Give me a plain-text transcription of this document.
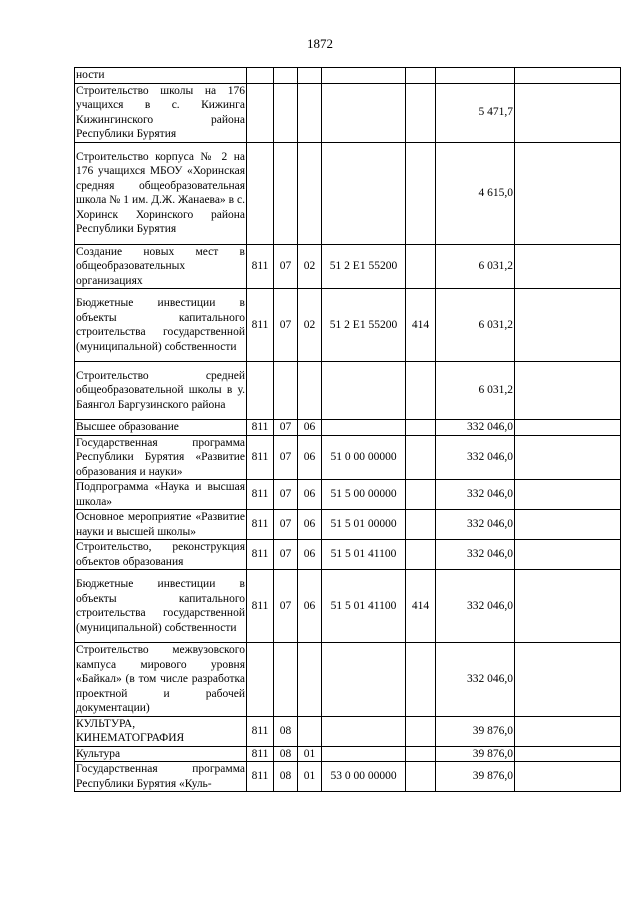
1872
ности							
Строительство школы на 176 учащихся в с. Кижинга Кижингинского района Республики Бурятия						5 471,7	
Строительство корпуса № 2 на 176 учащихся МБОУ «Хоринская средняя общеобразовательная школа № 1 им. Д.Ж. Жанаева» в с. Хоринск Хоринского района Республики Бурятия						4 615,0	
Создание новых мест в общеобразовательных организациях	811	07	02	51 2 E1 55200		6 031,2	
Бюджетные инвестиции в объекты капитального строительства государственной (муниципальной) собственности	811	07	02	51 2 E1 55200	414	6 031,2	
Строительство средней общеобразовательной школы в у. Баянгол Баргузинского района						6 031,2	
Высшее образование	811	07	06			332 046,0	
Государственная программа Республики Бурятия «Развитие образования и науки»	811	07	06	51 0 00 00000		332 046,0	
Подпрограмма «Наука и высшая школа»	811	07	06	51 5 00 00000		332 046,0	
Основное мероприятие «Развитие науки и высшей школы»	811	07	06	51 5 01 00000		332 046,0	
Строительство, реконструкция объектов образования	811	07	06	51 5 01 41100		332 046,0	
Бюджетные инвестиции в объекты капитального строительства государственной (муниципальной) собственности	811	07	06	51 5 01 41100	414	332 046,0	
Строительство межвузовского кампуса мирового уровня «Байкал» (в том числе разработка проектной и рабочей документации)						332 046,0	
КУЛЬТУРА, КИНЕМАТОГРАФИЯ	811	08				39 876,0	
Культура	811	08	01			39 876,0	
Государственная программа Республики Бурятия «Куль-	811	08	01	53 0 00 00000		39 876,0	
